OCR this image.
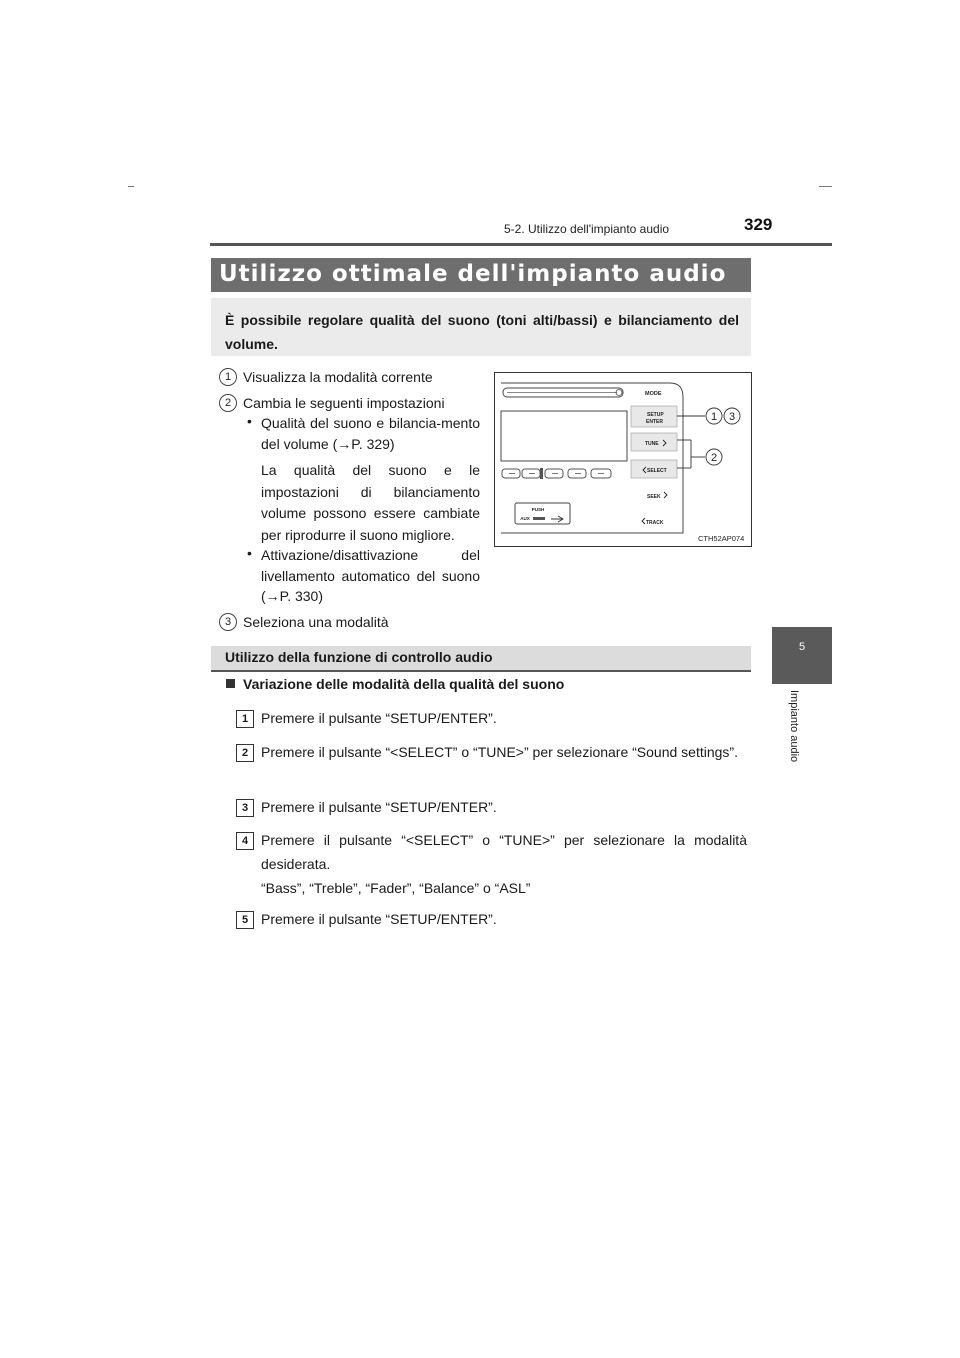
5-2. Utilizzo dell'impianto audio	329
5
Impianto audio
Utilizzo ottimale dell'impianto audio
È possibile regolare qualità del suono (toni alti/bassi) e bilanciamento del volume.
1 Visualizza la modalità corrente
2 Cambia le seguenti impostazioni
• Qualità del suono e bilancia-mento del volume (→P. 329)
La qualità del suono e le impostazioni di bilanciamento volume possono essere cambiate per riprodurre il suono migliore.
• Attivazione/disattivazione del livellamento automatico del suono (→P. 330)
3 Seleziona una modalità
PUSH
AUX
MODE
SETUP
ENTER
TUNE
SELECT
SEEK
TRACK
1 3
2
CTH52AP074
Utilizzo della funzione di controllo audio
Variazione delle modalità della qualità del suono
1 Premere il pulsante “SETUP/ENTER”.
2 Premere il pulsante “<SELECT” o “TUNE>” per selezionare “Sound settings”.
3 Premere il pulsante “SETUP/ENTER”.
4 Premere il pulsante “<SELECT” o “TUNE>” per selezionare la modalità desiderata.
“Bass”, “Treble”, “Fader”, “Balance” o “ASL”
5 Premere il pulsante “SETUP/ENTER”.
